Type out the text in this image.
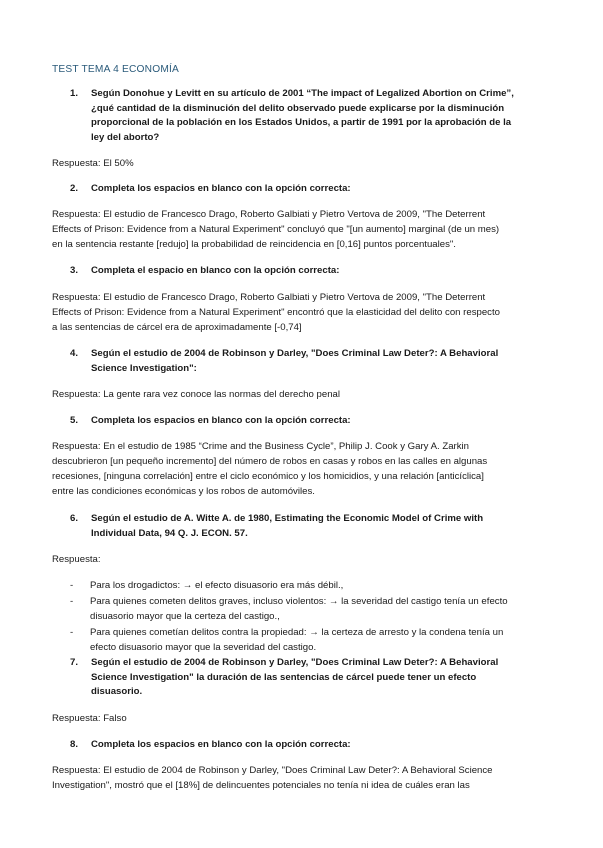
TEST TEMA 4 ECONOMÍA
1.	Según Donohue y Levitt en su artículo de 2001 “The impact of Legalized Abortion on Crime”,
¿qué cantidad de la disminución del delito observado puede explicarse por la disminución
proporcional de la población en los Estados Unidos, a partir de 1991 por la aprobación de la
ley del aborto?
Respuesta: El 50%
2.	Completa los espacios en blanco con la opción correcta:
Respuesta: El estudio de Francesco Drago, Roberto Galbiati y Pietro Vertova de 2009, "The Deterrent
Effects of Prison: Evidence from a Natural Experiment" concluyó que "[un aumento] marginal (de un mes)
en la sentencia restante [redujo] la probabilidad de reincidencia en [0,16] puntos porcentuales".
3.	Completa el espacio en blanco con la opción correcta:
Respuesta: El estudio de Francesco Drago, Roberto Galbiati y Pietro Vertova de 2009, "The Deterrent
Effects of Prison: Evidence from a Natural Experiment" encontró que la elasticidad del delito con respecto
a las sentencias de cárcel era de aproximadamente [-0,74]
4.	Según el estudio de 2004 de Robinson y Darley, "Does Criminal Law Deter?: A Behavioral
Science Investigation":
Respuesta: La gente rara vez conoce las normas del derecho penal
5.	Completa los espacios en blanco con la opción correcta:
Respuesta: En el estudio de 1985 “Crime and the Business Cycle”, Philip J. Cook y Gary A. Zarkin
descubrieron [un pequeño incremento] del número de robos en casas y robos en las calles en algunas
recesiones, [ninguna correlación] entre el ciclo económico y los homicidios, y una relación [anticíclica]
entre las condiciones económicas y los robos de automóviles.
6.	Según el estudio de A. Witte A. de 1980, Estimating the Economic Model of Crime with
Individual Data, 94 Q. J. ECON. 57.
Respuesta:
- Para los drogadictos: → el efecto disuasorio era más débil.,
- Para quienes cometen delitos graves, incluso violentos: → la severidad del castigo tenía un efecto
disuasorio mayor que la certeza del castigo.,
- Para quienes cometían delitos contra la propiedad: → la certeza de arresto y la condena tenía un
efecto disuasorio mayor que la severidad del castigo.
7.	Según el estudio de 2004 de Robinson y Darley, "Does Criminal Law Deter?: A Behavioral
Science Investigation" la duración de las sentencias de cárcel puede tener un efecto
disuasorio.
Respuesta: Falso
8.	Completa los espacios en blanco con la opción correcta:
Respuesta: El estudio de 2004 de Robinson y Darley, "Does Criminal Law Deter?: A Behavioral Science
Investigation", mostró que el [18%] de delincuentes potenciales no tenía ni idea de cuáles eran las
